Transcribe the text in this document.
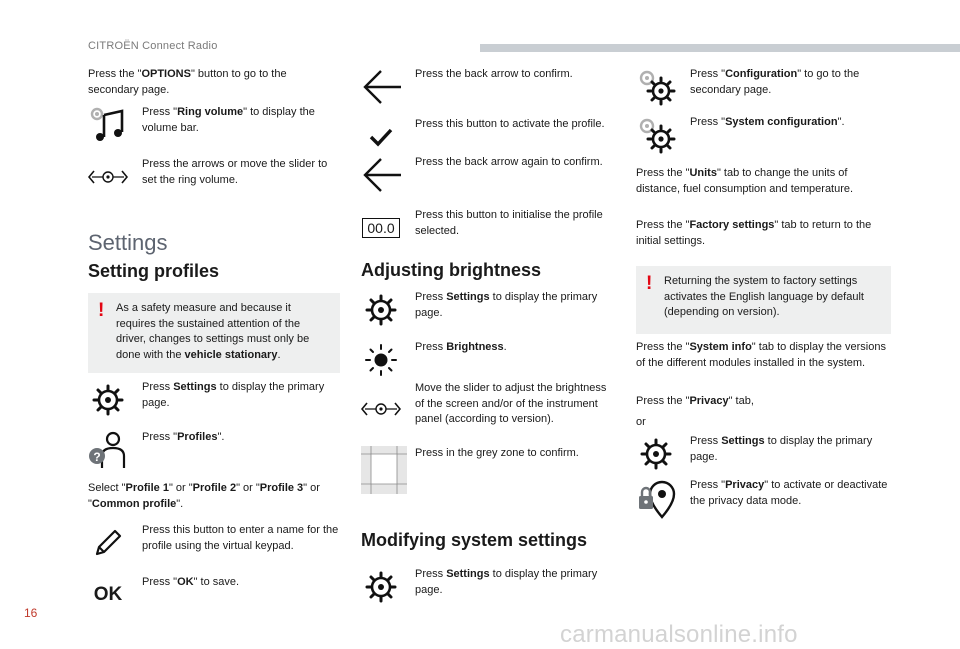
CITROËN Connect Radio
16
carmanualsonline.info
Press the "OPTIONS" button to go to the secondary page.
Press "Ring volume" to display the volume bar.
Press the arrows or move the slider to set the ring volume.
Settings
Setting profiles
! As a safety measure and because it requires the sustained attention of the driver, changes to settings must only be done with the vehicle stationary.
Press Settings to display the primary page.
?
Press "Profiles".
Select "Profile 1" or "Profile 2" or "Profile 3" or "Common profile".
Press this button to enter a name for the profile using the virtual keypad.
OK
Press "OK" to save.
Press the back arrow to confirm.
Press this button to activate the profile.
Press the back arrow again to confirm.
00.0
Press this button to initialise the profile selected.
Adjusting brightness
Press Settings to display the primary page.
Press Brightness.
Move the slider to adjust the brightness of the screen and/or of the instrument panel (according to version).
Press in the grey zone to confirm.
Modifying system settings
Press Settings to display the primary page.
Press "Configuration" to go to the secondary page.
Press "System configuration".
Press the "Units" tab to change the units of distance, fuel consumption and temperature.
Press the "Factory settings" tab to return to the initial settings.
! Returning the system to factory settings activates the English language by default (depending on version).
Press the "System info" tab to display the versions of the different modules installed in the system.
Press the "Privacy" tab,
or
Press Settings to display the primary page.
Press "Privacy" to activate or deactivate the privacy data mode.
